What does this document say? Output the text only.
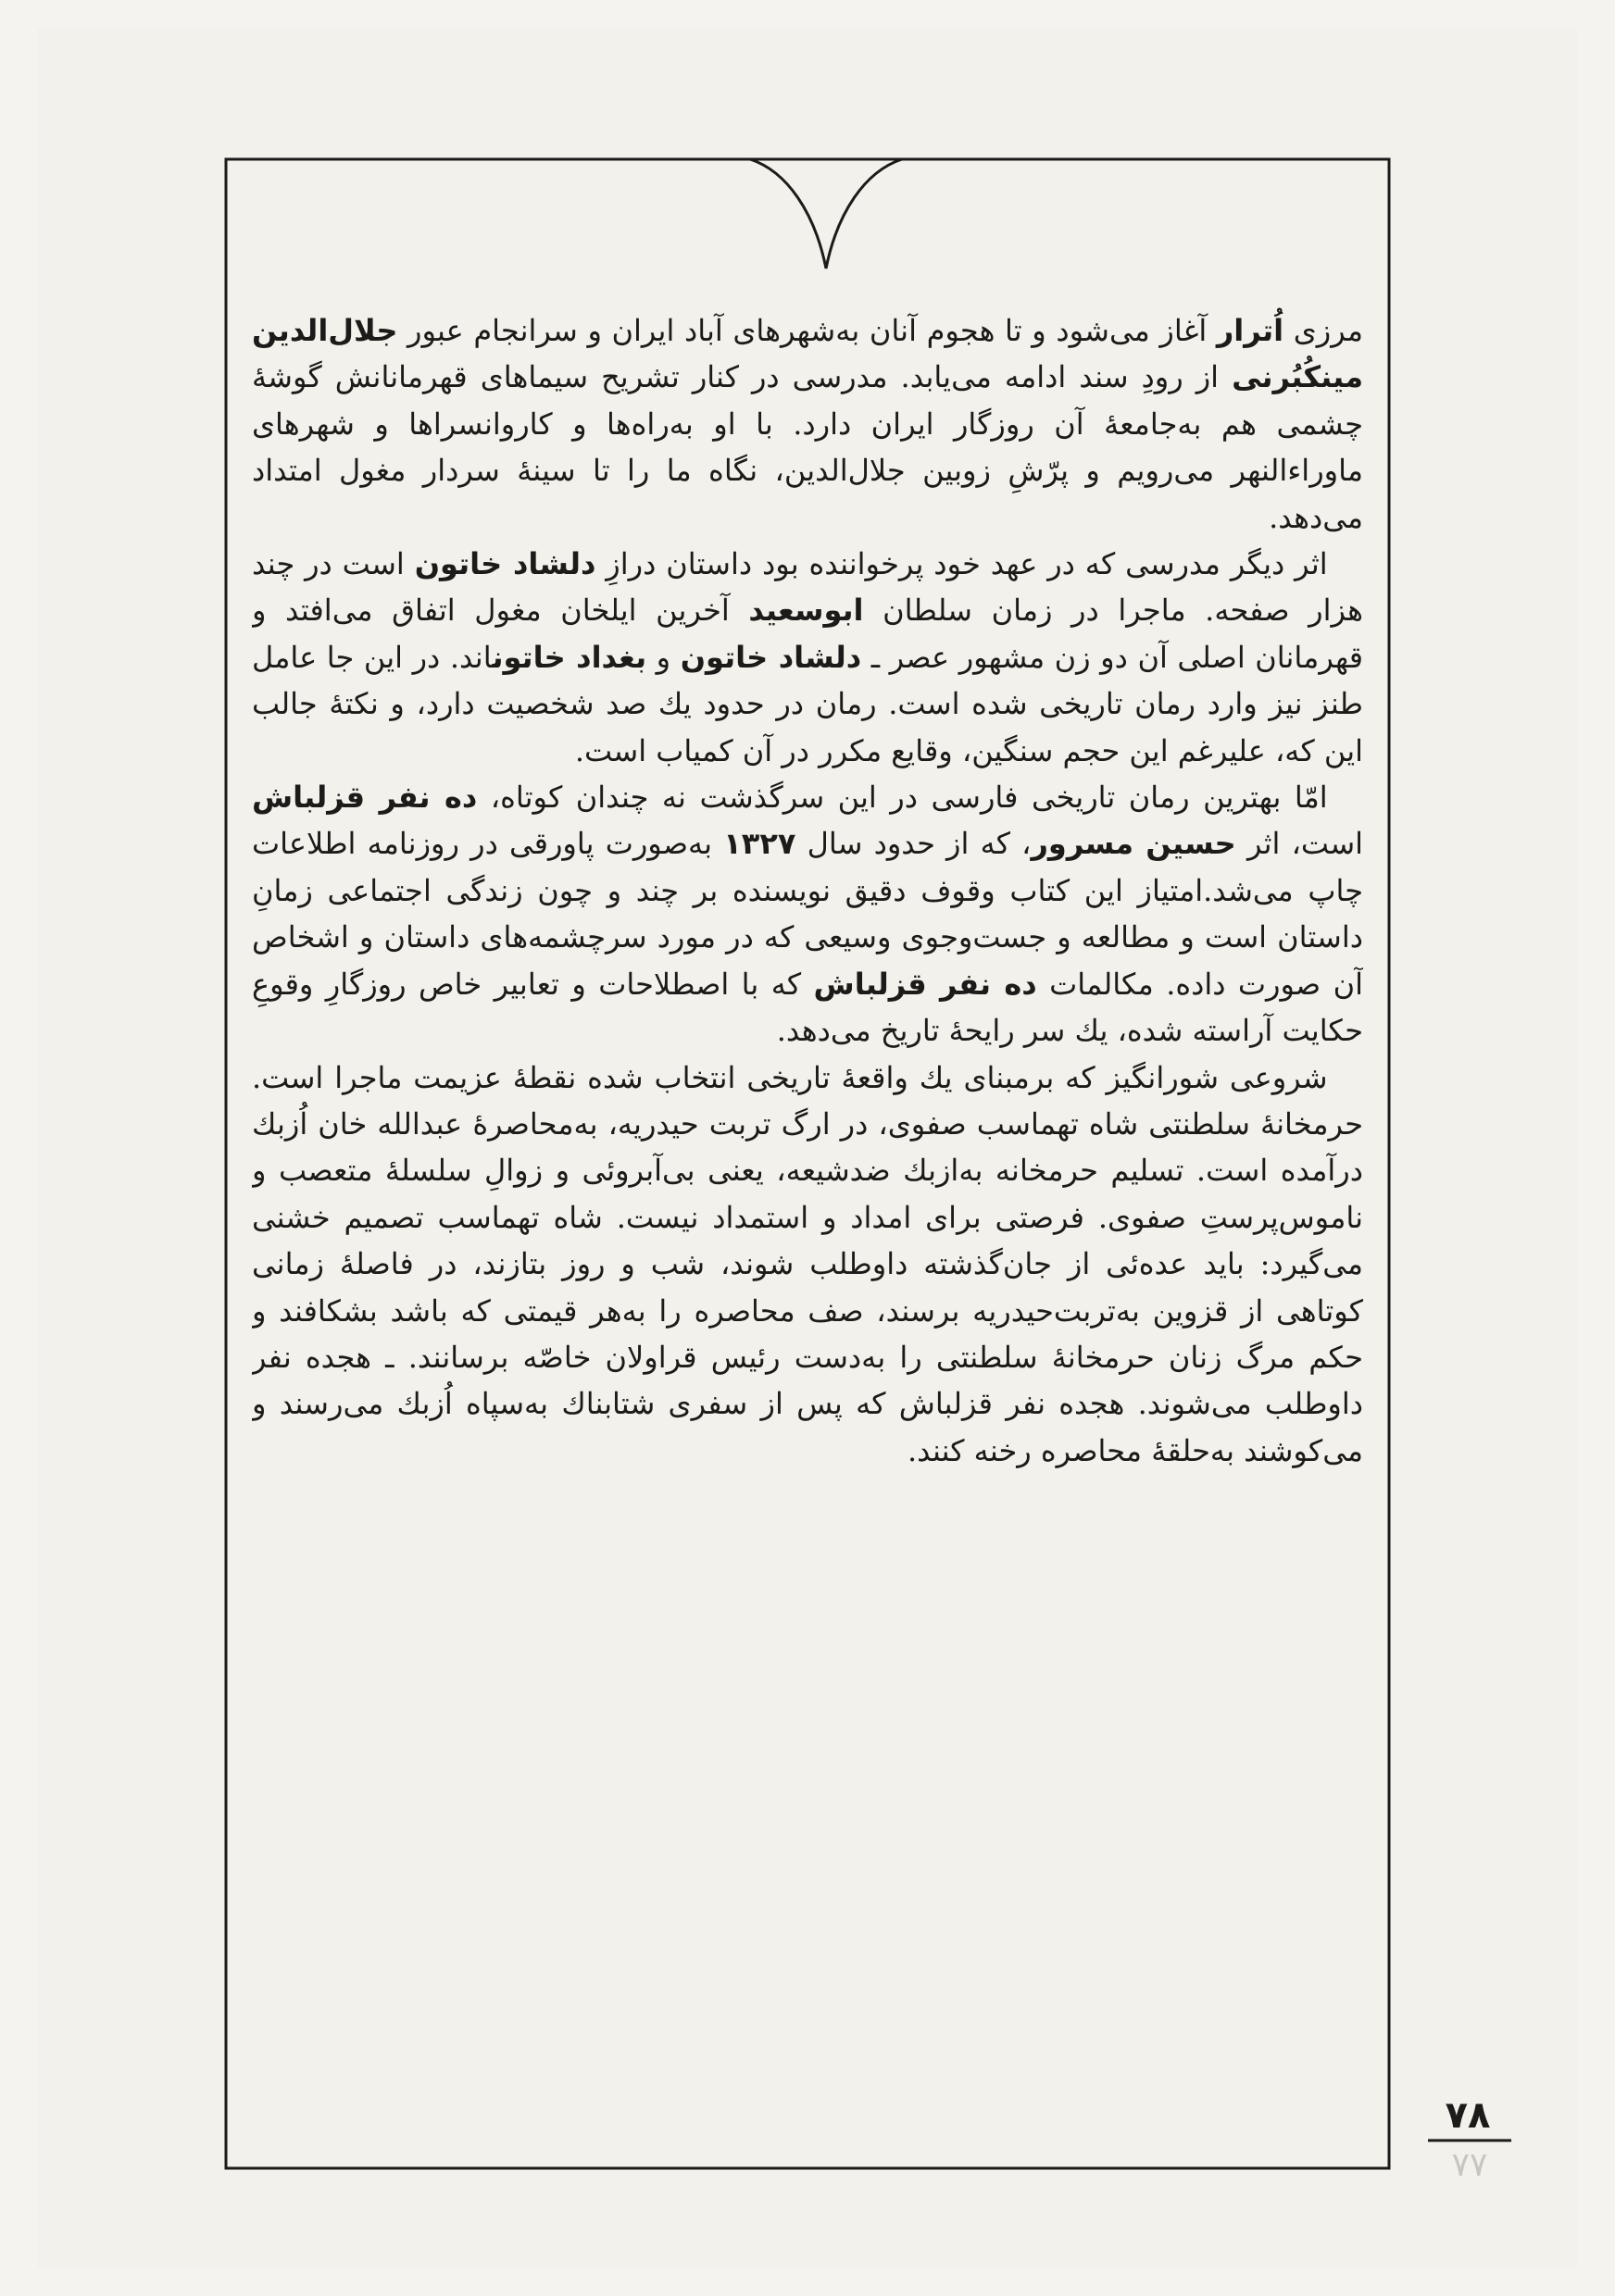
مرزی اُترار آغاز می‌شود و تا هجوم آنان به‌شهرهای آباد ایران و سرانجام عبور جلال‌الدین مینکُبُرنی از رودِ سند ادامه می‌یابد. مدرسی در کنار تشریح سیماهای قهرمانانش گوشهٔ چشمی هم به‌جامعهٔ آن روزگار ایران دارد. با او به‌راه‌ها و کاروانسراها و شهرهای ماوراءالنهر می‌رویم و پرّشِ زوبین جلال‌الدین، نگاه ما را تا سینهٔ سردار مغول امتداد می‌دهد.

اثر دیگر مدرسی که در عهد خود پرخواننده بود داستان درازِ دلشاد خاتون است در چند هزار صفحه. ماجرا در زمان سلطان ابوسعید آخرین ایلخان مغول اتفاق می‌افتد و قهرمانان اصلی آن دو زن مشهور عصر ـ دلشاد خاتون و بغداد خاتوناند. در این جا عامل طنز نیز وارد رمان تاریخی شده است. رمان در حدود یك صد شخصیت دارد، و نکتهٔ جالب این که، علیرغم این حجم سنگین، وقایع مکرر در آن کمیاب است.

امّا بهترین رمان تاریخی فارسی در این سرگذشت نه چندان کوتاه، ده نفر قزلباش است، اثر حسین مسرور، که از حدود سال ۱۳۲۷ به‌صورت پاورقی در روزنامه اطلاعات چاپ می‌شد.امتیاز این کتاب وقوف دقیق نویسنده بر چند و چون زندگی اجتماعی زمانِ داستان است و مطالعه و جست‌وجوی وسیعی که در مورد سرچشمه‌های داستان و اشخاص آن صورت داده. مکالمات ده نفر قزلباش که با اصطلاحات و تعابیر خاص روزگارِ وقوعِ حکایت آراسته شده، یك سر رایحهٔ تاریخ می‌دهد.

شروعی شورانگیز که برمبنای یك واقعهٔ تاریخی انتخاب شده نقطهٔ عزیمت ماجرا است. حرمخانهٔ سلطنتی شاه تهماسب صفوی، در ارگ تربت حیدریه، به‌محاصرهٔ عبدالله خان اُزبك درآمده است. تسلیم حرمخانه به‌ازبك ضدشیعه، یعنی بی‌آبروئی و زوالِ سلسلهٔ متعصب و ناموس‌پرستِ صفوی. فرصتی برای امداد و استمداد نیست. شاه تهماسب تصمیم خشنی می‌گیرد: باید عده‌ئی از جان‌گذشته داوطلب شوند، شب و روز بتازند، در فاصلهٔ زمانی کوتاهی از قزوین به‌تربت‌حیدریه برسند، صف محاصره را به‌هر قیمتی که باشد بشکافند و حکم مرگ زنان حرمخانهٔ سلطنتی را به‌دست رئیس قراولان خاصّه برسانند. ـ هجده نفر داوطلب می‌شوند. هجده نفر قزلباش که پس از سفری شتابناك به‌سپاه اُزبك می‌رسند و می‌کوشند به‌حلقهٔ محاصره رخنه کنند.

۷۸
۷۷
